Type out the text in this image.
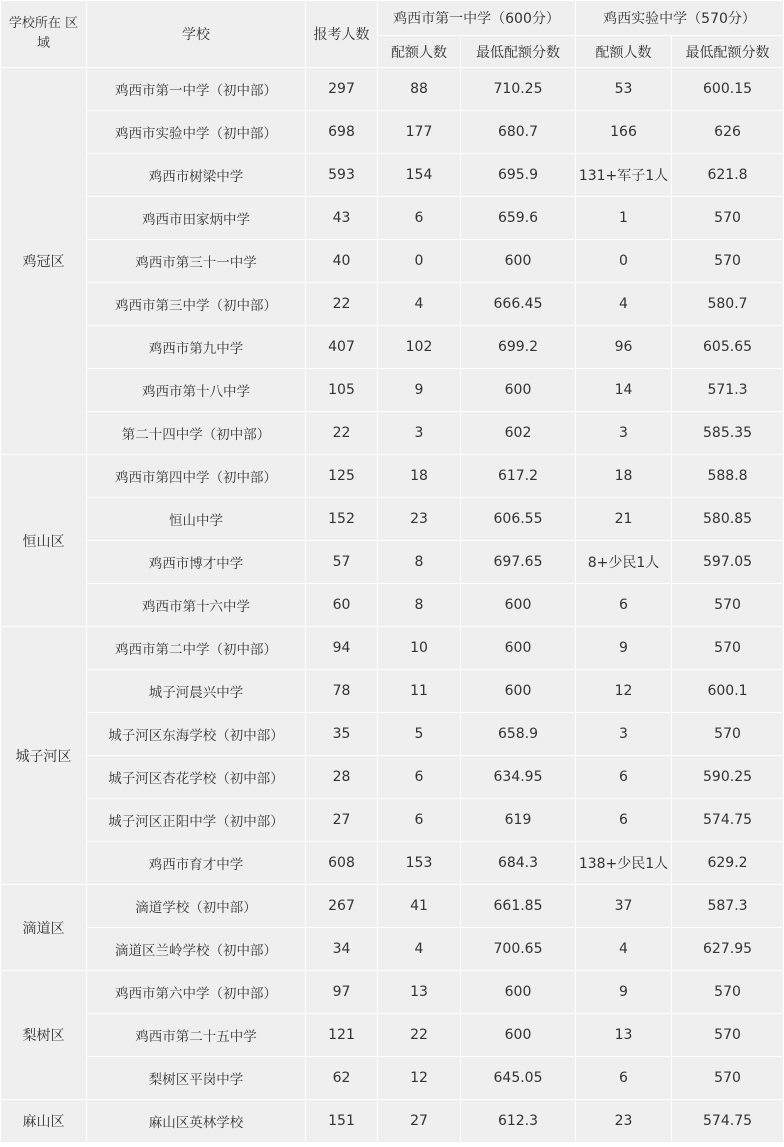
学校所在 区域	学校	报考人数	鸡西市第一中学（600分）		鸡西实验中学（570分）	
			配额人数	最低配额分数	配额人数	最低配额分数
鸡冠区	鸡西市第一中学（初中部）	297	88	710.25	53	600.15
	鸡西市实验中学（初中部）	698	177	680.7	166	626
	鸡西市树梁中学	593	154	695.9	131+军子1人	621.8
	鸡西市田家炳中学	43	6	659.6	1	570
	鸡西市第三十一中学	40	0	600	0	570
	鸡西市第三中学（初中部）	22	4	666.45	4	580.7
	鸡西市第九中学	407	102	699.2	96	605.65
	鸡西市第十八中学	105	9	600	14	571.3
	第二十四中学（初中部）	22	3	602	3	585.35
恒山区	鸡西市第四中学（初中部）	125	18	617.2	18	588.8
	恒山中学	152	23	606.55	21	580.85
	鸡西市博才中学	57	8	697.65	8+少民1人	597.05
	鸡西市第十六中学	60	8	600	6	570
城子河区	鸡西市第二中学（初中部）	94	10	600	9	570
	城子河晨兴中学	78	11	600	12	600.1
	城子河区东海学校（初中部）	35	5	658.9	3	570
	城子河区杏花学校（初中部）	28	6	634.95	6	590.25
	城子河区正阳中学（初中部）	27	6	619	6	574.75
	鸡西市育才中学	608	153	684.3	138+少民1人	629.2
滴道区	滴道学校（初中部）	267	41	661.85	37	587.3
	滴道区兰岭学校（初中部）	34	4	700.65	4	627.95
梨树区	鸡西市第六中学（初中部）	97	13	600	9	570
	鸡西市第二十五中学	121	22	600	13	570
	梨树区平岗中学	62	12	645.05	6	570
麻山区	麻山区英林学校	151	27	612.3	23	574.75
